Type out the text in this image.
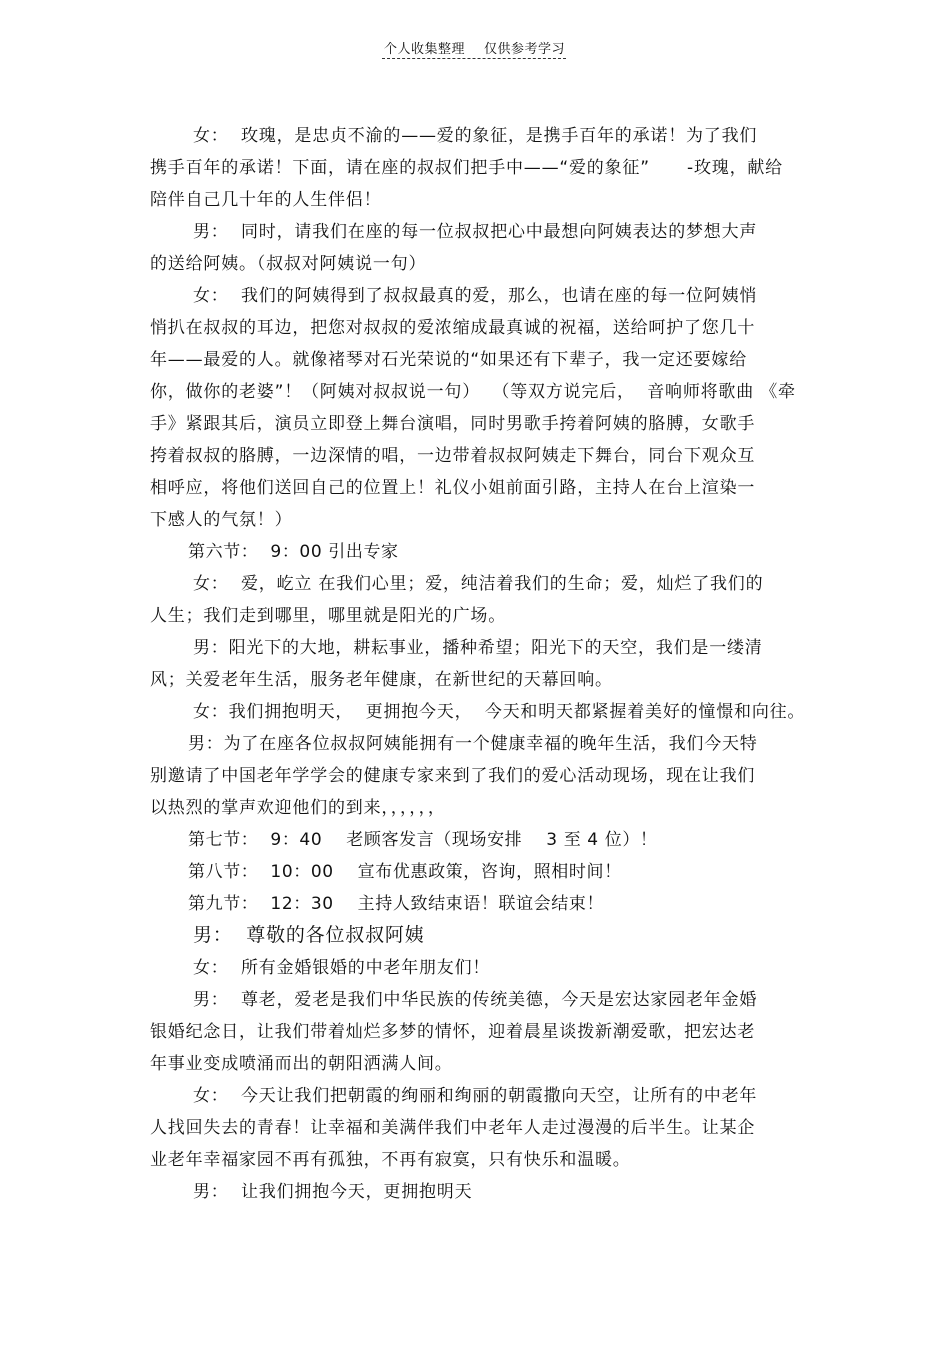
个人收集整理 仅供参考学习
女：  玫瑰，是忠贞不渝的——爱的象征，是携手百年的承诺！为了我们
携手百年的承诺！下面，请在座的叔叔们把手中——“爱的象征”      -玫瑰，献给
陪伴自己几十年的人生伴侣！
男：  同时，请我们在座的每一位叔叔把心中最想向阿姨表达的梦想大声
的送给阿姨。（叔叔对阿姨说一句）
女：  我们的阿姨得到了叔叔最真的爱，那么，也请在座的每一位阿姨悄
悄扒在叔叔的耳边，把您对叔叔的爱浓缩成最真诚的祝福，送给呵护了您几十
年——最爱的人。就像褚琴对石光荣说的“如果还有下辈子，我一定还要嫁给
你，做你的老婆”！（阿姨对叔叔说一句）  （等双方说完后，  音响师将歌曲 《牵
手》紧跟其后，演员立即登上舞台演唱，同时男歌手挎着阿姨的胳膊，女歌手
挎着叔叔的胳膊，一边深情的唱，一边带着叔叔阿姨走下舞台，同台下观众互
相呼应，将他们送回自己的位置上！礼仪小姐前面引路，主持人在台上渲染一
下感人的气氛！）
第六节：  9：00 引出专家
女：  爱，屹立 在我们心里；爱，纯洁着我们的生命；爱，灿烂了我们的
人生；我们走到哪里，哪里就是阳光的广场。
男：阳光下的大地，耕耘事业，播种希望；阳光下的天空，我们是一缕清
风；关爱老年生活，服务老年健康，在新世纪的天幕回响。
女：我们拥抱明天，  更拥抱今天，  今天和明天都紧握着美好的憧憬和向往。
男：为了在座各位叔叔阿姨能拥有一个健康幸福的晚年生活，我们今天特
别邀请了中国老年学学会的健康专家来到了我们的爱心活动现场，现在让我们
以热烈的掌声欢迎他们的到来，，，，，，
第七节：  9：40    老顾客发言（现场安排    3 至 4 位）！
第八节：  10：00    宣布优惠政策，咨询，照相时间！
第九节：  12：30    主持人致结束语！联谊会结束！
男：  尊敬的各位叔叔阿姨
女：  所有金婚银婚的中老年朋友们！
男：  尊老，爱老是我们中华民族的传统美德，今天是宏达家园老年金婚
银婚纪念日，让我们带着灿烂多梦的情怀，迎着晨星谈拨新潮爱歌，把宏达老
年事业变成喷涌而出的朝阳洒满人间。
女：  今天让我们把朝霞的绚丽和绚丽的朝霞撒向天空，让所有的中老年
人找回失去的青春！让幸福和美满伴我们中老年人走过漫漫的后半生。让某企
业老年幸福家园不再有孤独，不再有寂寞，只有快乐和温暖。
男：  让我们拥抱今天，更拥抱明天
